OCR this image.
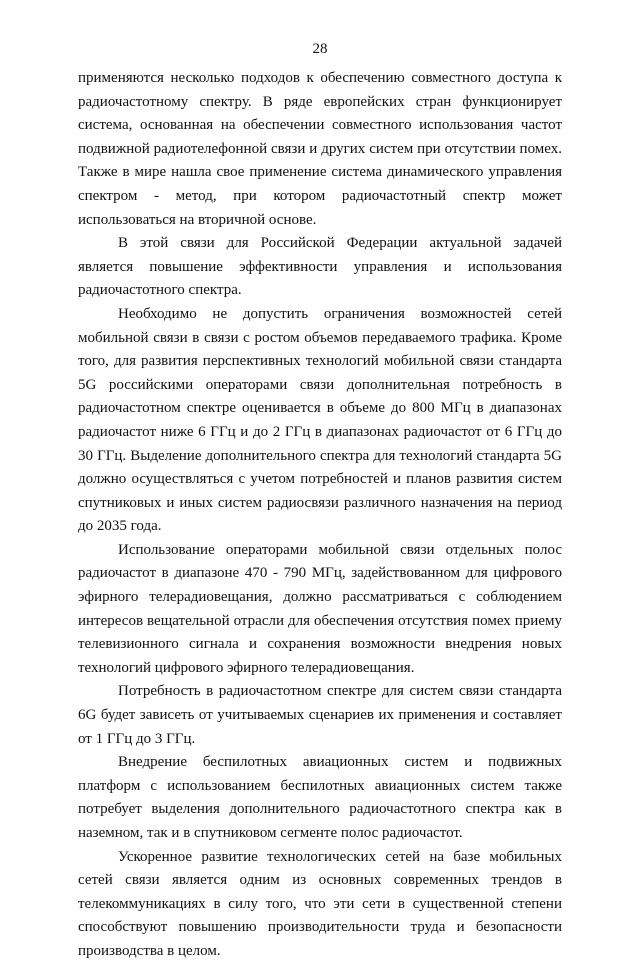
28

применяются несколько подходов к обеспечению совместного доступа к радиочастотному спектру. В ряде европейских стран функционирует система, основанная на обеспечении совместного использования частот подвижной радиотелефонной связи и других систем при отсутствии помех. Также в мире нашла свое применение система динамического управления спектром - метод, при котором радиочастотный спектр может использоваться на вторичной основе.

В этой связи для Российской Федерации актуальной задачей является повышение эффективности управления и использования радиочастотного спектра.

Необходимо не допустить ограничения возможностей сетей мобильной связи в связи с ростом объемов передаваемого трафика. Кроме того, для развития перспективных технологий мобильной связи стандарта 5G российскими операторами связи дополнительная потребность в радиочастотном спектре оценивается в объеме до 800 МГц в диапазонах радиочастот ниже 6 ГГц и до 2 ГГц в диапазонах радиочастот от 6 ГГц до 30 ГГц. Выделение дополнительного спектра для технологий стандарта 5G должно осуществляться с учетом потребностей и планов развития систем спутниковых и иных систем радиосвязи различного назначения на период до 2035 года.

Использование операторами мобильной связи отдельных полос радиочастот в диапазоне 470 - 790 МГц, задействованном для цифрового эфирного телерадиовещания, должно рассматриваться с соблюдением интересов вещательной отрасли для обеспечения отсутствия помех приему телевизионного сигнала и сохранения возможности внедрения новых технологий цифрового эфирного телерадиовещания.

Потребность в радиочастотном спектре для систем связи стандарта 6G будет зависеть от учитываемых сценариев их применения и составляет от 1 ГГц до 3 ГГц.

Внедрение беспилотных авиационных систем и подвижных платформ с использованием беспилотных авиационных систем также потребует выделения дополнительного радиочастотного спектра как в наземном, так и в спутниковом сегменте полос радиочастот.

Ускоренное развитие технологических сетей на базе мобильных сетей связи является одним из основных современных трендов в телекоммуникациях в силу того, что эти сети в существенной степени способствуют повышению производительности труда и безопасности производства в целом.
